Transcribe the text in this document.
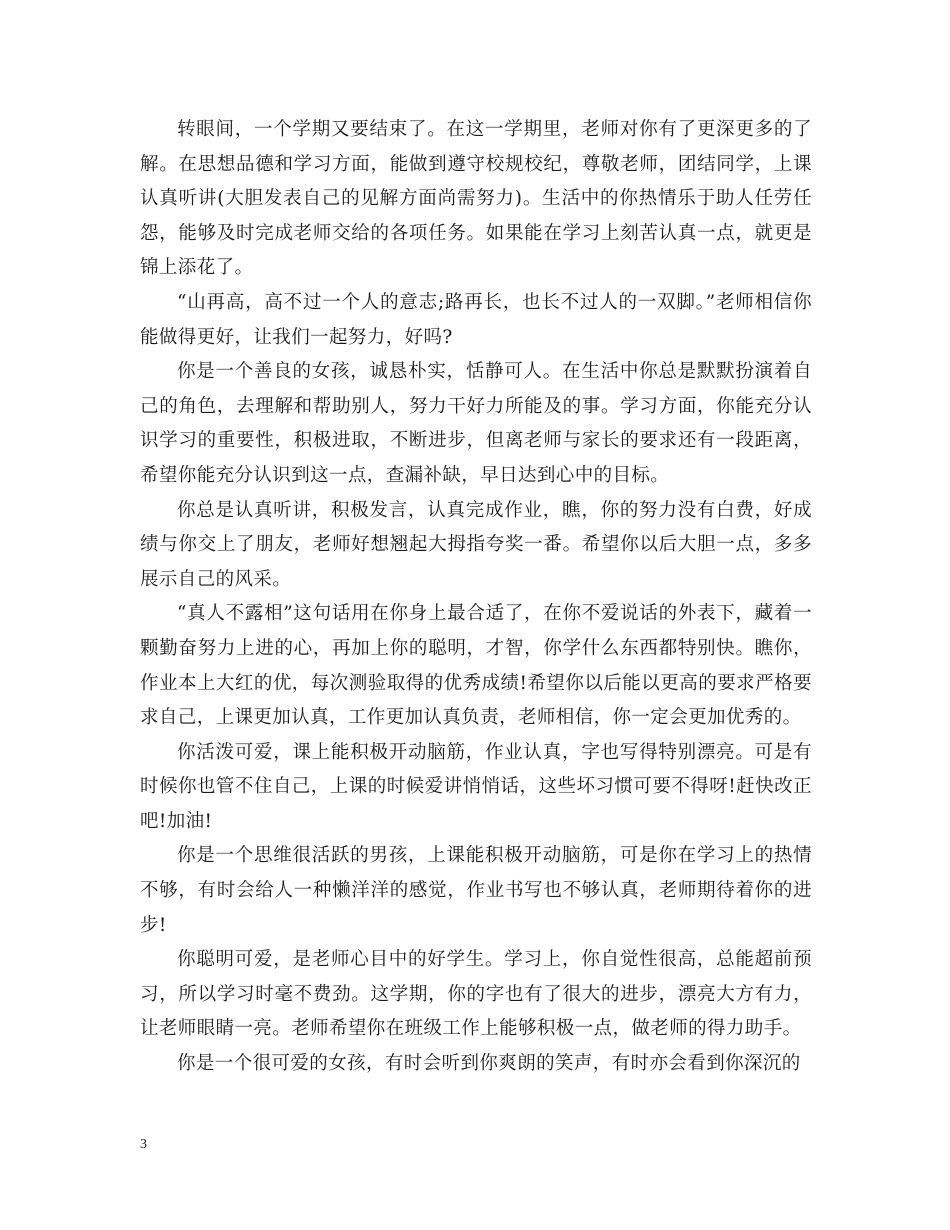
转眼间，一个学期又要结束了。在这一学期里，老师对你有了更深更多的了解。在思想品德和学习方面，能做到遵守校规校纪，尊敬老师，团结同学，上课认真听讲(大胆发表自己的见解方面尚需努力)。生活中的你热情乐于助人任劳任怨，能够及时完成老师交给的各项任务。如果能在学习上刻苦认真一点，就更是锦上添花了。

“山再高，高不过一个人的意志;路再长，也长不过人的一双脚。”老师相信你能做得更好，让我们一起努力，好吗?

你是一个善良的女孩，诚恳朴实，恬静可人。在生活中你总是默默扮演着自己的角色，去理解和帮助别人，努力干好力所能及的事。学习方面，你能充分认识学习的重要性，积极进取，不断进步，但离老师与家长的要求还有一段距离，希望你能充分认识到这一点，查漏补缺，早日达到心中的目标。

你总是认真听讲，积极发言，认真完成作业，瞧，你的努力没有白费，好成绩与你交上了朋友，老师好想翘起大拇指夸奖一番。希望你以后大胆一点，多多展示自己的风采。

“真人不露相”这句话用在你身上最合适了，在你不爱说话的外表下，藏着一颗勤奋努力上进的心，再加上你的聪明，才智，你学什么东西都特别快。瞧你，作业本上大红的优，每次测验取得的优秀成绩!希望你以后能以更高的要求严格要求自己，上课更加认真，工作更加认真负责，老师相信，你一定会更加优秀的。

你活泼可爱，课上能积极开动脑筋，作业认真，字也写得特别漂亮。可是有时候你也管不住自己，上课的时候爱讲悄悄话，这些坏习惯可要不得呀!赶快改正吧!加油!

你是一个思维很活跃的男孩，上课能积极开动脑筋，可是你在学习上的热情不够，有时会给人一种懒洋洋的感觉，作业书写也不够认真，老师期待着你的进步!

你聪明可爱，是老师心目中的好学生。学习上，你自觉性很高，总能超前预习，所以学习时毫不费劲。这学期，你的字也有了很大的进步，漂亮大方有力，让老师眼睛一亮。老师希望你在班级工作上能够积极一点，做老师的得力助手。

你是一个很可爱的女孩，有时会听到你爽朗的笑声，有时亦会看到你深沉的

3
